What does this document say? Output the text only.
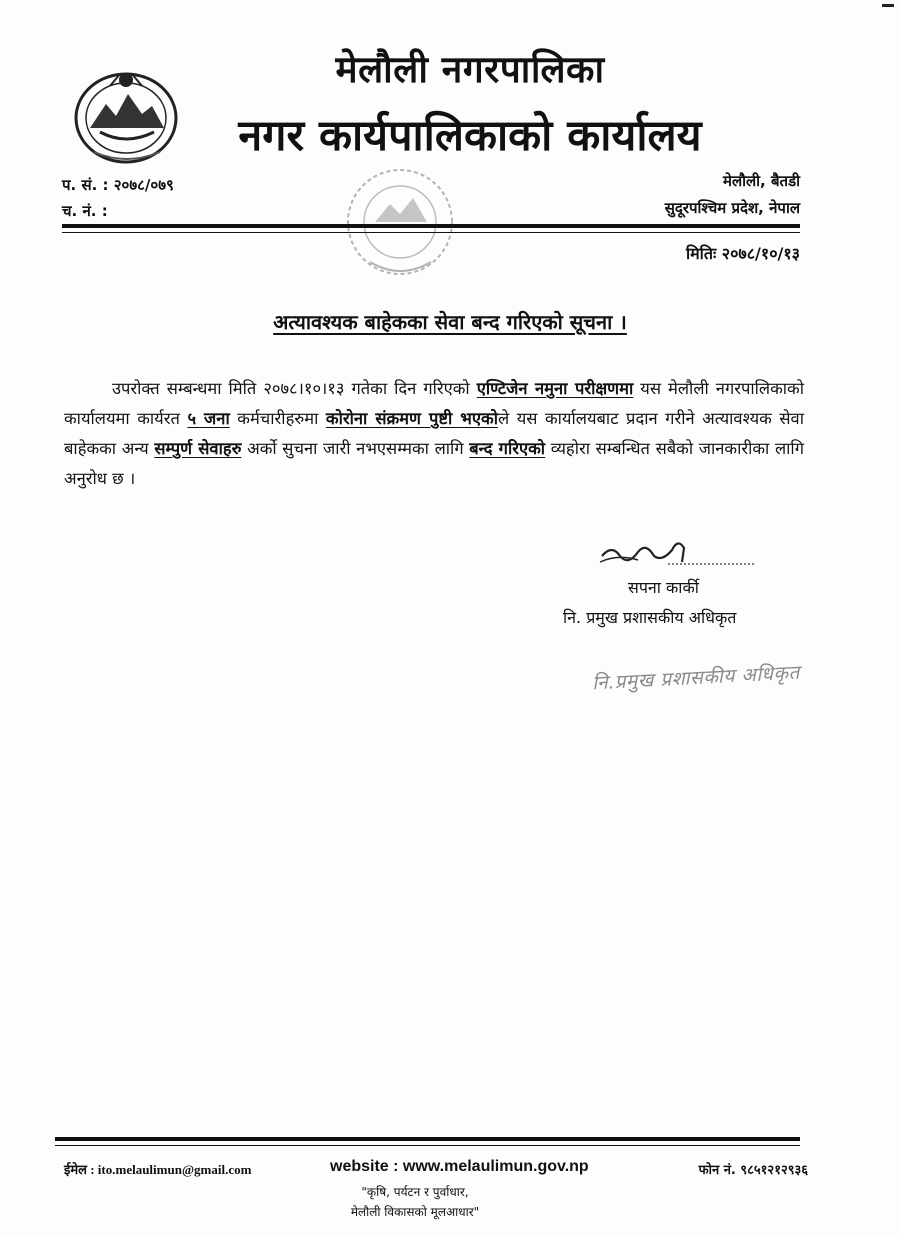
मेलौली नगरपालिका
नगर कार्यपालिकाको कार्यालय
प. सं. : २०७८/०७९
च. नं. :
मेलौली, बैतडी
सुदूरपश्चिम प्रदेश, नेपाल
मितिः २०७८/१०/१३
अत्यावश्यक बाहेकका सेवा बन्द गरिएको सूचना ।
उपरोक्त सम्बन्धमा मिति २०७८।१०।१३ गतेका दिन गरिएको एण्टिजेन नमुना परीक्षणमा यस मेलौली नगरपालिकाको कार्यालयमा कार्यरत ५ जना कर्मचारीहरुमा कोरोना संक्रमण पुष्टी भएकोले यस कार्यालयबाट प्रदान गरीने अत्यावश्यक सेवा बाहेकका अन्य सम्पुर्ण सेवाहरु अर्को सुचना जारी नभएसम्मका लागि बन्द गरिएको व्यहोरा सम्बन्धित सबैको जानकारीका लागि अनुरोध छ ।
सपना कार्की
नि. प्रमुख प्रशासकीय अधिकृत
नि.प्रमुख प्रशासकीय अधिकृत
ईमेल : ito.melaulimun@gmail.com	website : www.melaulimun.gov.np	फोन नं. ९८५१२१२९३६
"कृषि, पर्यटन र पुर्वाधार,
मेलौली विकासको मूलआधार"
